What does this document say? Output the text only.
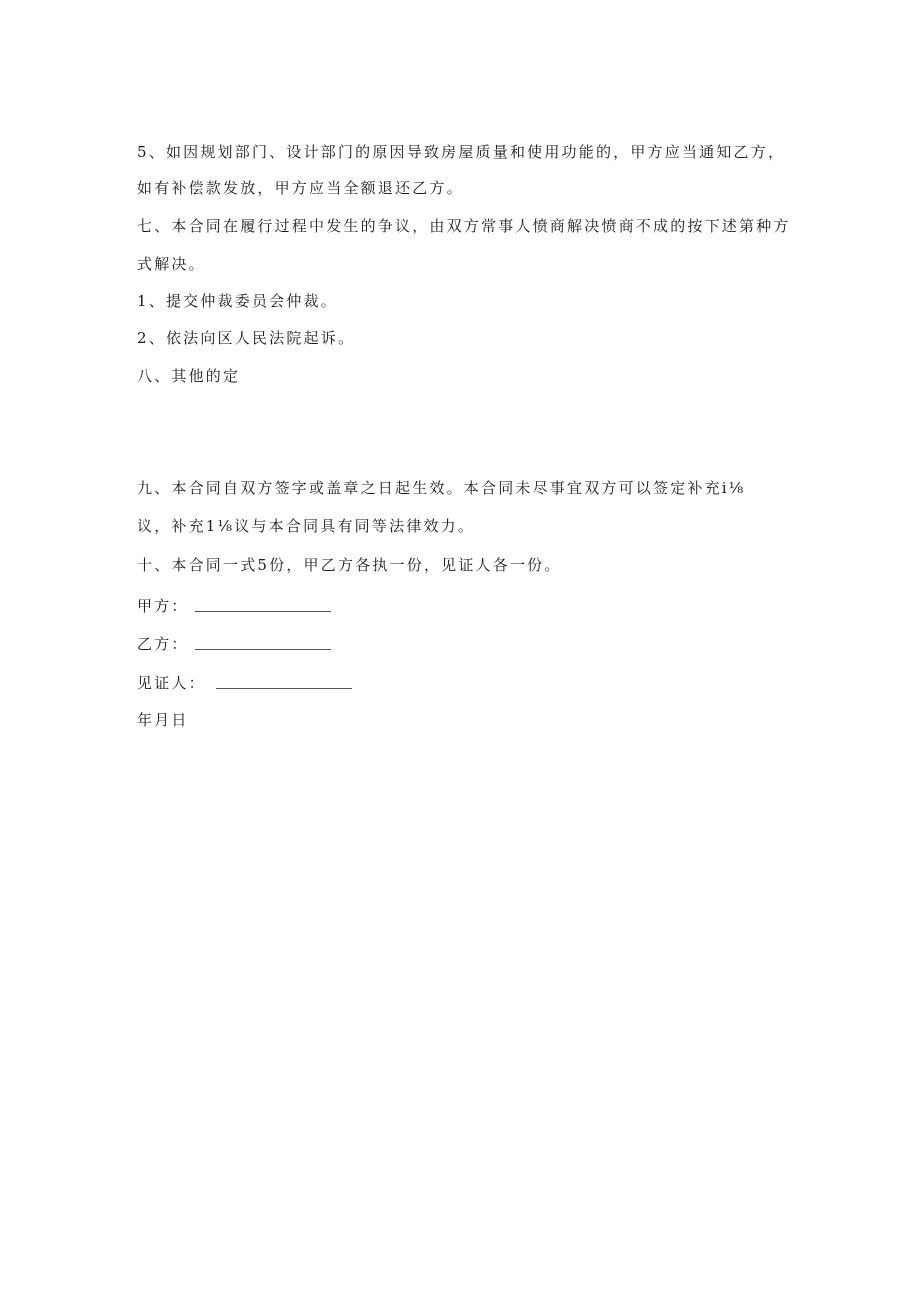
5、如因规划部门、设计部门的原因导致房屋质量和使用功能的，甲方应当通知乙方，
如有补偿款发放，甲方应当全额退还乙方。
七、本合同在履行过程中发生的争议，由双方常事人愤商解决愤商不成的按下述第种方
式解决。
1、提交仲裁委员会仲裁。
2、依法向区人民法院起诉。
八、其他的定
九、本合同自双方签字或盖章之日起生效。本合同未尽事宜双方可以签定补充i⅛
议，补充1⅛议与本合同具有同等法律效力。
十、本合同一式5份，甲乙方各执一份，见证人各一份。
甲方：
乙方：
见证人：
年月日
